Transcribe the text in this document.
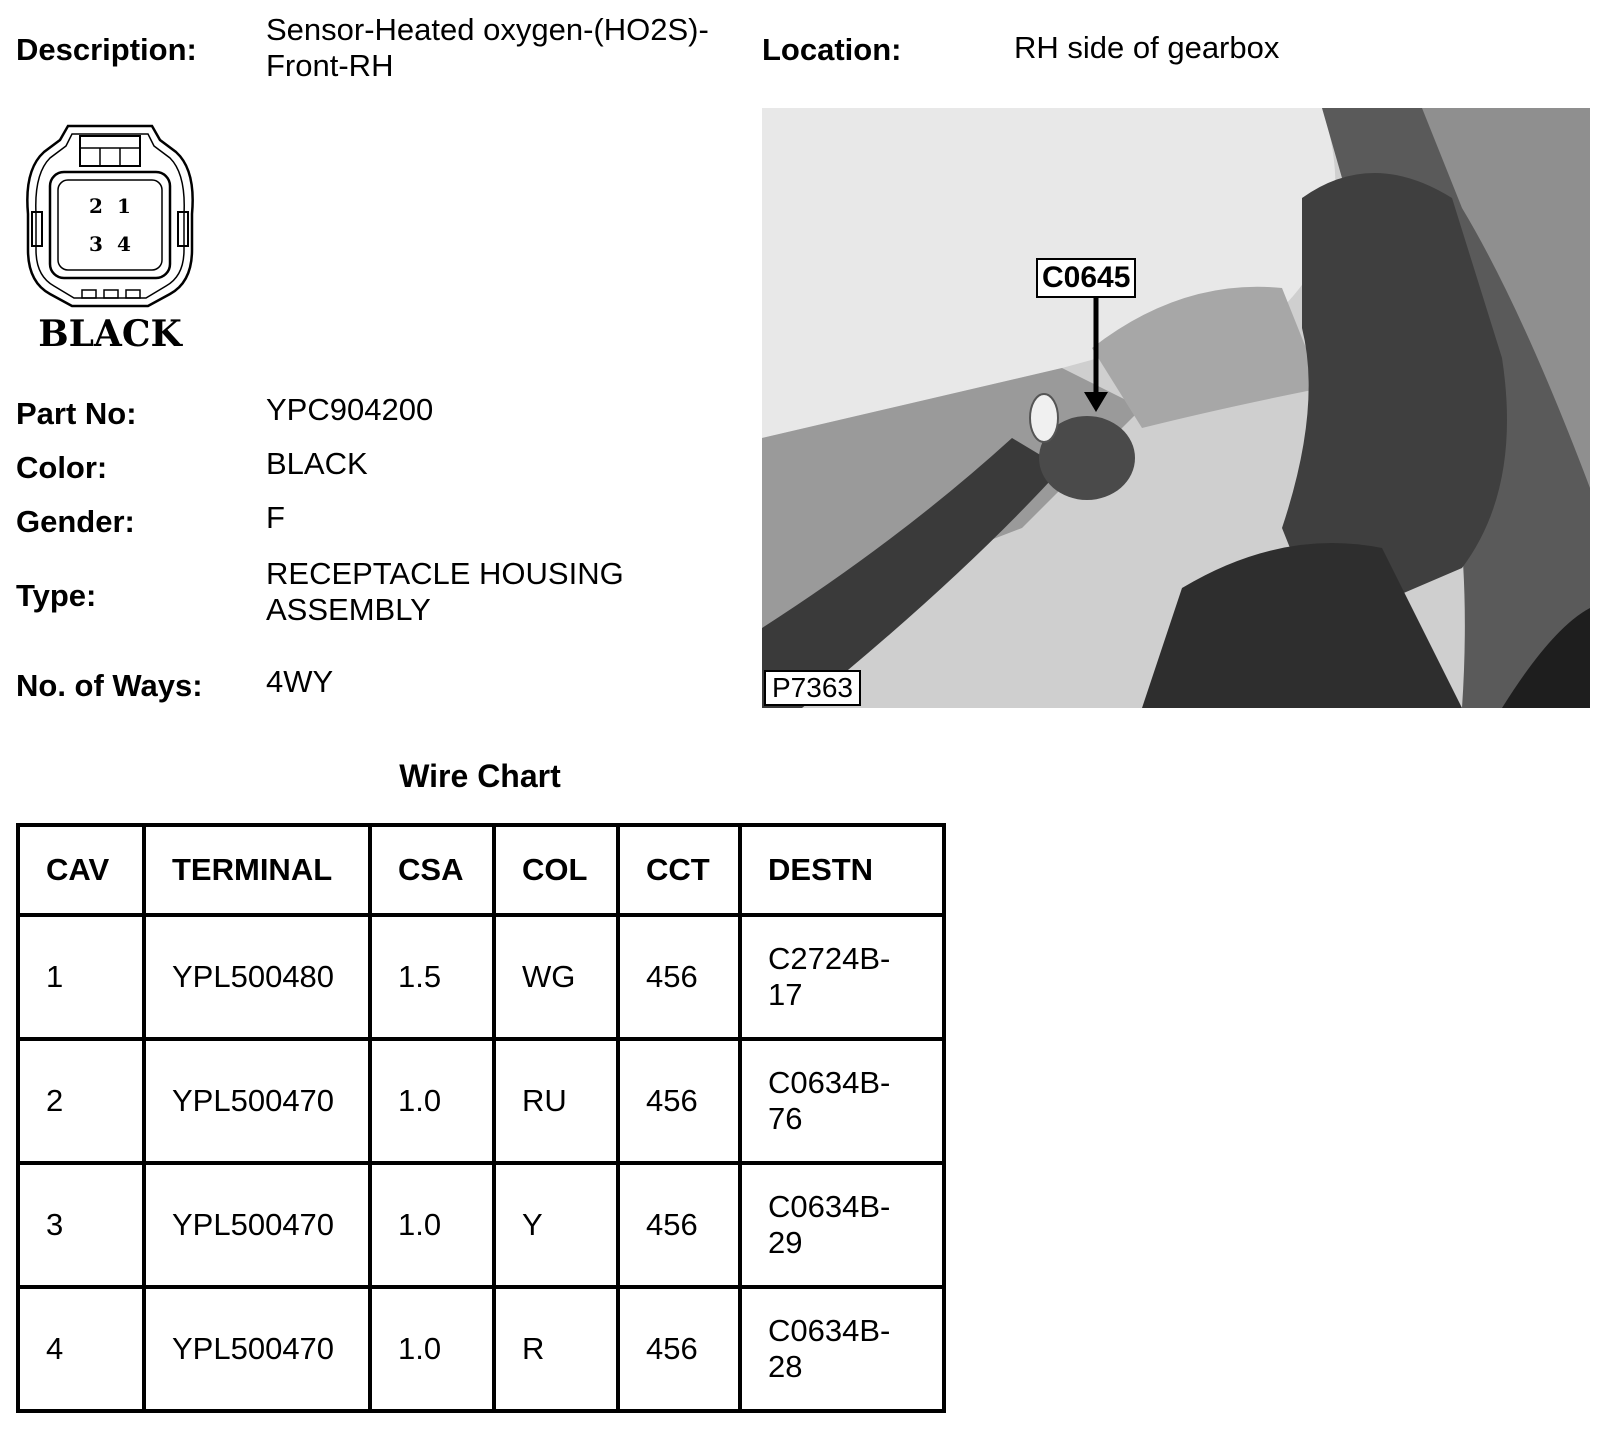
Description:
Sensor-Heated oxygen-(HO2S)-
Front-RH	Location:	RH side of gearbox
2 1
3 4
BLACK
Part No:	YPC904200
Color:	BLACK
Gender:	F
Type:
RECEPTACLE HOUSING
ASSEMBLY
No. of Ways: 4WY
C0645
P7363
Wire Chart
CAV	TERMINAL	CSA	COL	CCT	DESTN
1	YPL500480	1.5	WG	456	C2724B-
17

2	YPL500470	1.0	RU	456	C0634B-
76

3	YPL500470	1.0	Y	456	C0634B-
29

4	YPL500470	1.0	R	456	C0634B-
28
